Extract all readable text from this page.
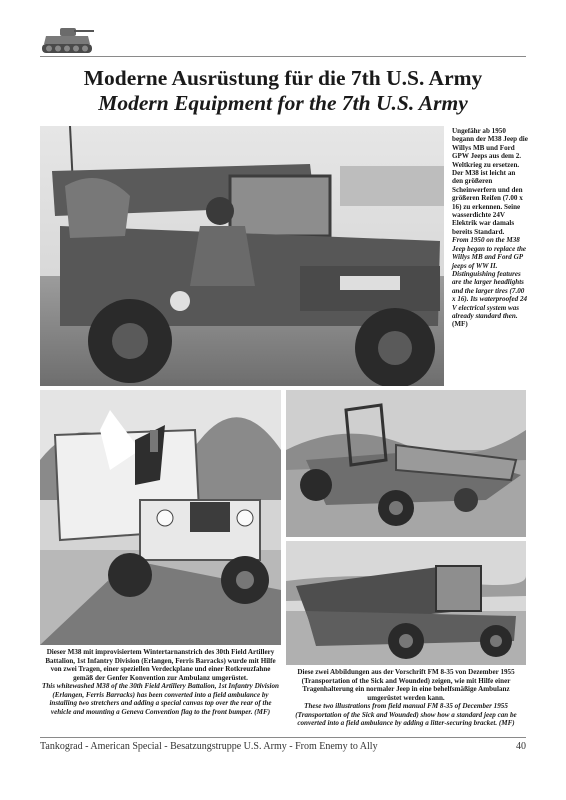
Moderne Ausrüstung für die 7th U.S. Army
Modern Equipment for the 7th U.S. Army
Ungefähr ab 1950 begann der M38 Jeep die Willys MB und Ford GPW Jeeps aus dem 2. Weltkrieg zu ersetzen. Der M38 ist leicht an den größeren Scheinwerfern und den größeren Reifen (7.00 x 16) zu erkennen. Seine wasserdichte 24V Elektrik war damals bereits Standard.
From 1950 on the M38 Jeep began to replace the Willys MB and Ford GP jeeps of WW II. Distinguishing features are the larger headlights and the larger tires (7.00 x 16). Its waterproofed 24 V electrical system was already standard then.
(MF)
Dieser M38 mit improvisiertem Wintertarnanstrich des 30th Field Artillery Battalion, 1st Infantry Division (Erlangen, Ferris Barracks) wurde mit Hilfe von zwei Tragen, einer speziellen Verdeckplane und einer Rotkreuzfahne gemäß der Genfer Konvention zur Ambulanz umgerüstet.
This whitewashed M38 of the 30th Field Artillery Battalion, 1st Infantry Division (Erlangen, Ferris Barracks) has been converted into a field ambulance by installing two stretchers and adding a special canvas top over the rear of the vehicle and mounting a Geneva Convention flag to the front bumper. (MF)
Diese zwei Abbildungen aus der Vorschrift FM 8-35 von Dezember 1955 (Transportation of the Sick and Wounded) zeigen, wie mit Hilfe einer Tragenhalterung ein normaler Jeep in eine behelfsmäßige Ambulanz umgerüstet werden kann.
These two illustrations from field manual FM 8-35 of December 1955 (Transportation of the Sick and Wounded) show how a standard jeep can be converted into a field ambulance by adding a litter-securing bracket. (MF)
Tankograd - American Special - Besatzungstruppe U.S. Army - From Enemy to Ally	40
